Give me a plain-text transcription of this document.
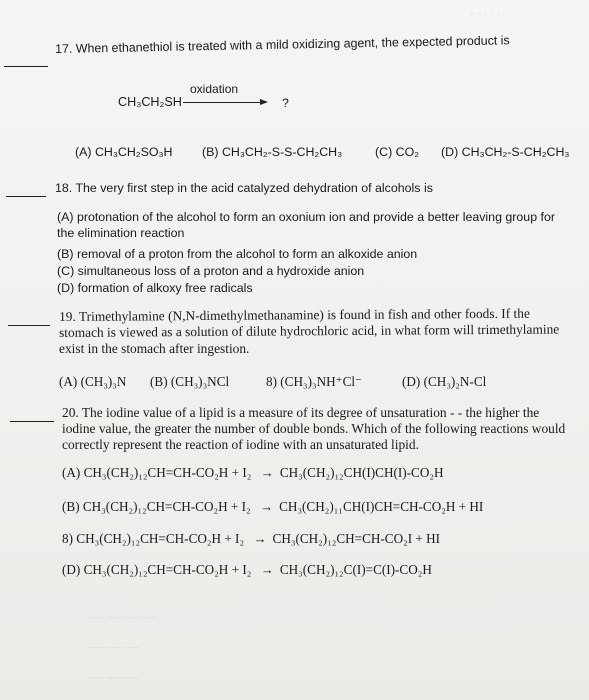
· · · · ·
17. When ethanethiol is treated with a mild oxidizing agent, the expected product is
oxidation
CH₃CH₂SH	?
(A) CH₃CH₂SO₃H (B) CH₃CH₂-S-S-CH₂CH₃	(C) CO₂ (D) CH₃CH₂-S-CH₂CH₃
18. The very first step in the acid catalyzed dehydration of alcohols is
(A) protonation of the alcohol to form an oxonium ion and provide a better leaving group for
the elimination reaction
(B) removal of a proton from the alcohol to form an alkoxide anion
(C) simultaneous loss of a proton and a hydroxide anion
(D) formation of alkoxy free radicals
19. Trimethylamine (N,N-dimethylmethanamine) is found in fish and other foods. If the
stomach is viewed as a solution of dilute hydrochloric acid, in what form will trimethylamine
exist in the stomach after ingestion.
(A) (CH₃)₃N (B) (CH₃)₃NCl	8) (CH₃)₃NH⁺Cl⁻	(D) (CH₃)₂N-Cl
20. The iodine value of a lipid is a measure of its degree of unsaturation - - the higher the
iodine value, the greater the number of double bonds. Which of the following reactions would
correctly represent the reaction of iodine with an unsaturated lipid.
(A) CH₃(CH₂)₁₂CH=CH-CO₂H + I₂ → CH₃(CH₂)₁₂CH(I)CH(I)-CO₂H
(B) CH₃(CH₂)₁₂CH=CH-CO₂H + I₂ → CH₃(CH₂)₁₁CH(I)CH=CH-CO₂H + HI
8) CH₃(CH₂)₁₂CH=CH-CO₂H + I₂ → CH₃(CH₂)₁₂CH=CH-CO₂I + HI
(D) CH₃(CH₂)₁₂CH=CH-CO₂H + I₂ → CH₃(CH₂)₁₂C(I)=C(I)-CO₂H
— — — —
— — —
— — —
